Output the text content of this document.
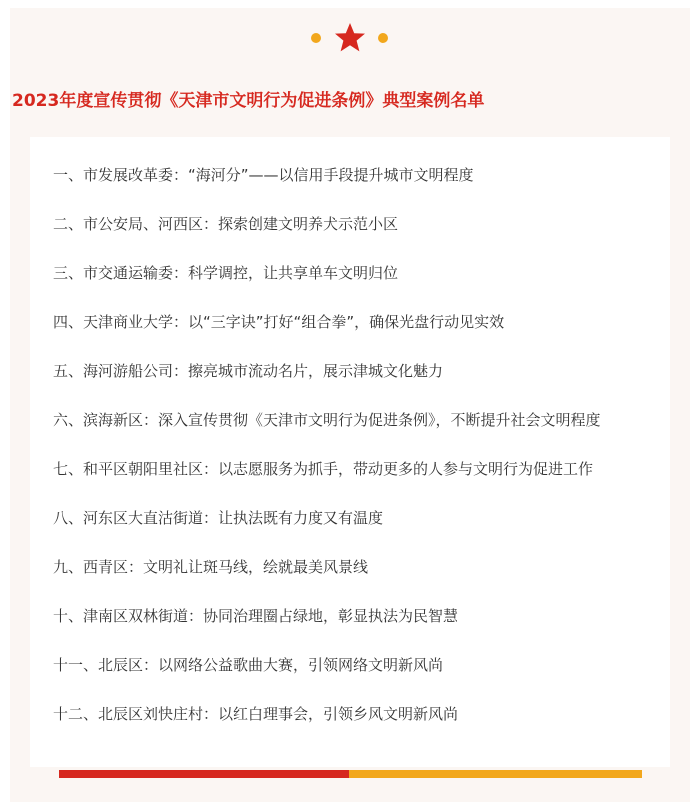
2023年度宣传贯彻《天津市文明行为促进条例》典型案例名单
一、市发展改革委：“海河分”——以信用手段提升城市文明程度
二、市公安局、河西区：探索创建文明养犬示范小区
三、市交通运输委：科学调控，让共享单车文明归位
四、天津商业大学：以“三字诀”打好“组合拳”，确保光盘行动见实效
五、海河游船公司：擦亮城市流动名片，展示津城文化魅力
六、滨海新区：深入宣传贯彻《天津市文明行为促进条例》，不断提升社会文明程度
七、和平区朝阳里社区：以志愿服务为抓手，带动更多的人参与文明行为促进工作
八、河东区大直沽街道：让执法既有力度又有温度
九、西青区：文明礼让斑马线，绘就最美风景线
十、津南区双林街道：协同治理圈占绿地，彰显执法为民智慧
十一、北辰区：以网络公益歌曲大赛，引领网络文明新风尚
十二、北辰区刘快庄村：以红白理事会，引领乡风文明新风尚
